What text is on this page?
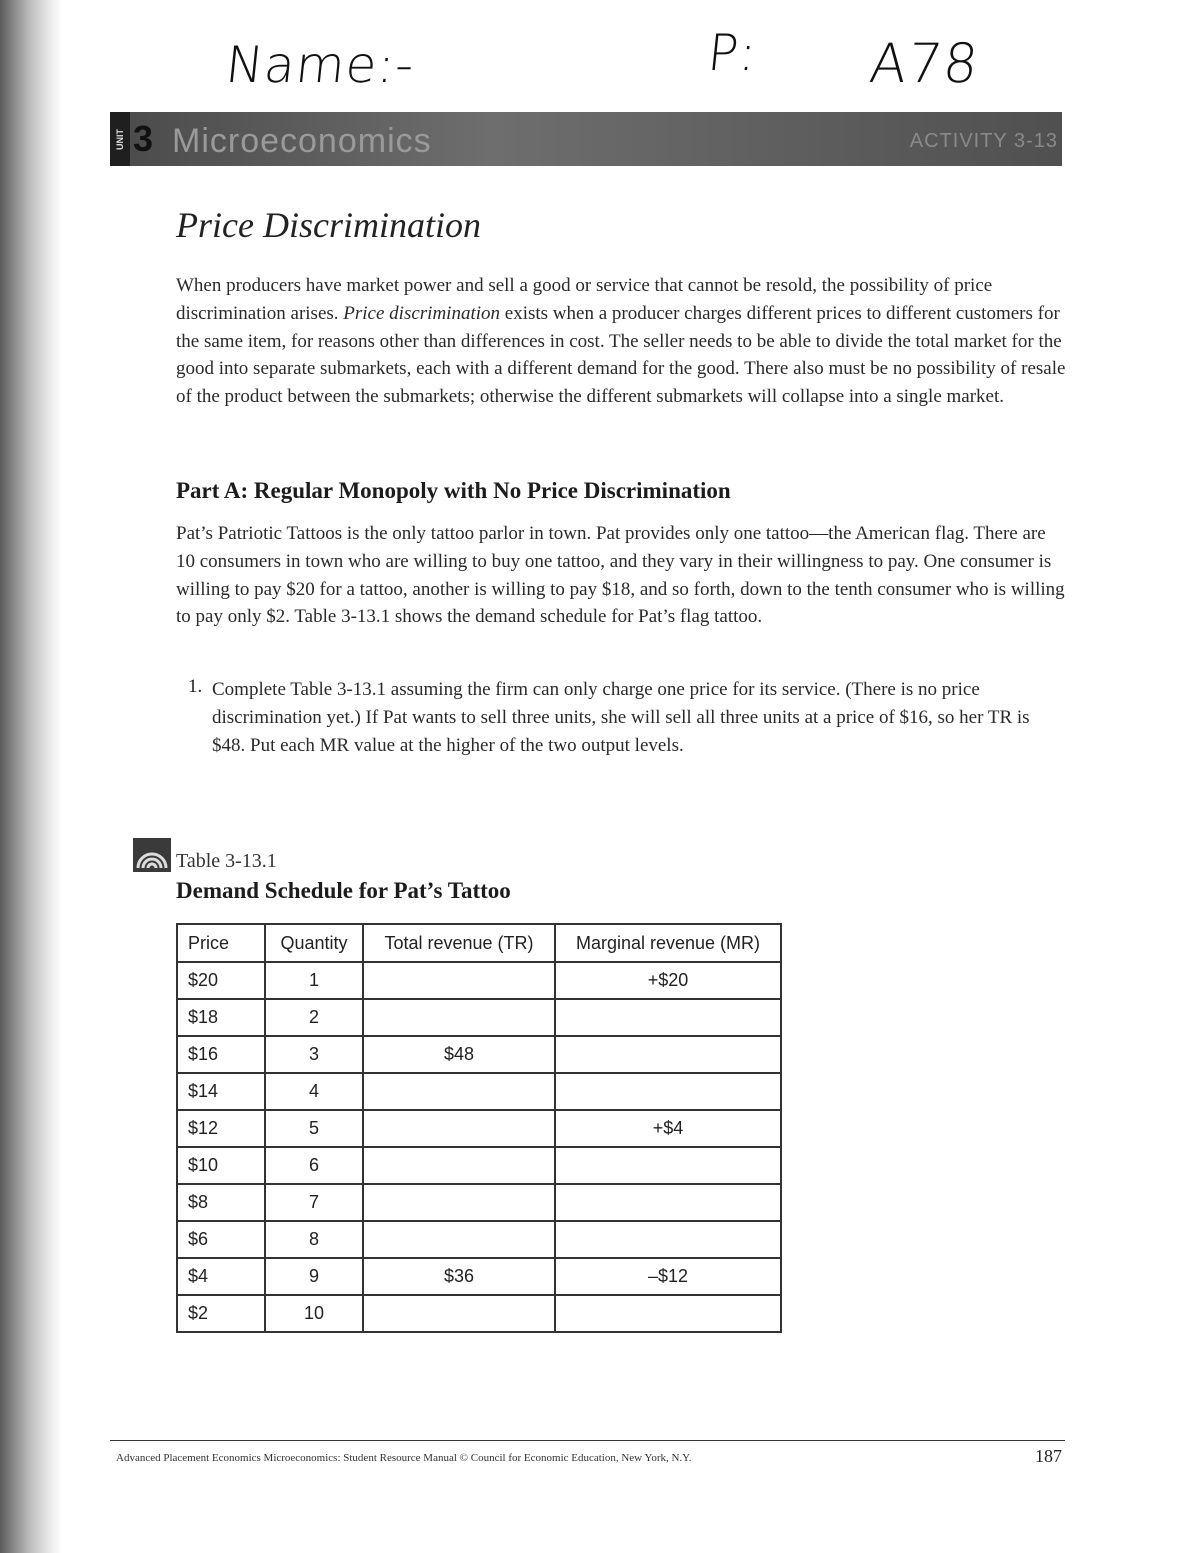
Name:-	P: A78
UNIT 3 Microeconomics	ACTIVITY 3-13
Price Discrimination

When producers have market power and sell a good or service that cannot be resold, the possibility of price discrimination arises. Price discrimination exists when a producer charges different prices to different customers for the same item, for reasons other than differences in cost. The seller needs to be able to divide the total market for the good into separate submarkets, each with a different demand for the good. There also must be no possibility of resale of the product between the submarkets; otherwise the different submarkets will collapse into a single market.

Part A: Regular Monopoly with No Price Discrimination

Pat’s Patriotic Tattoos is the only tattoo parlor in town. Pat provides only one tattoo—the American flag. There are 10 consumers in town who are willing to buy one tattoo, and they vary in their willingness to pay. One consumer is willing to pay $20 for a tattoo, another is willing to pay $18, and so forth, down to the tenth consumer who is willing to pay only $2. Table 3-13.1 shows the demand schedule for Pat’s flag tattoo.

1. Complete Table 3-13.1 assuming the firm can only charge one price for its service. (There is no price discrimination yet.) If Pat wants to sell three units, she will sell all three units at a price of $16, so her TR is $48. Put each MR value at the higher of the two output levels.

Table 3-13.1
Demand Schedule for Pat’s Tattoo
Price	Quantity	Total revenue (TR)	Marginal revenue (MR)
$20	1		+$20
$18	2		
$16	3	$48	
$14	4		
$12	5		+$4
$10	6		
$8	7		
$6	8		
$4	9	$36	–$12
$2	10		
Advanced Placement Economics Microeconomics: Student Resource Manual © Council for Economic Education, New York, N.Y.	187
